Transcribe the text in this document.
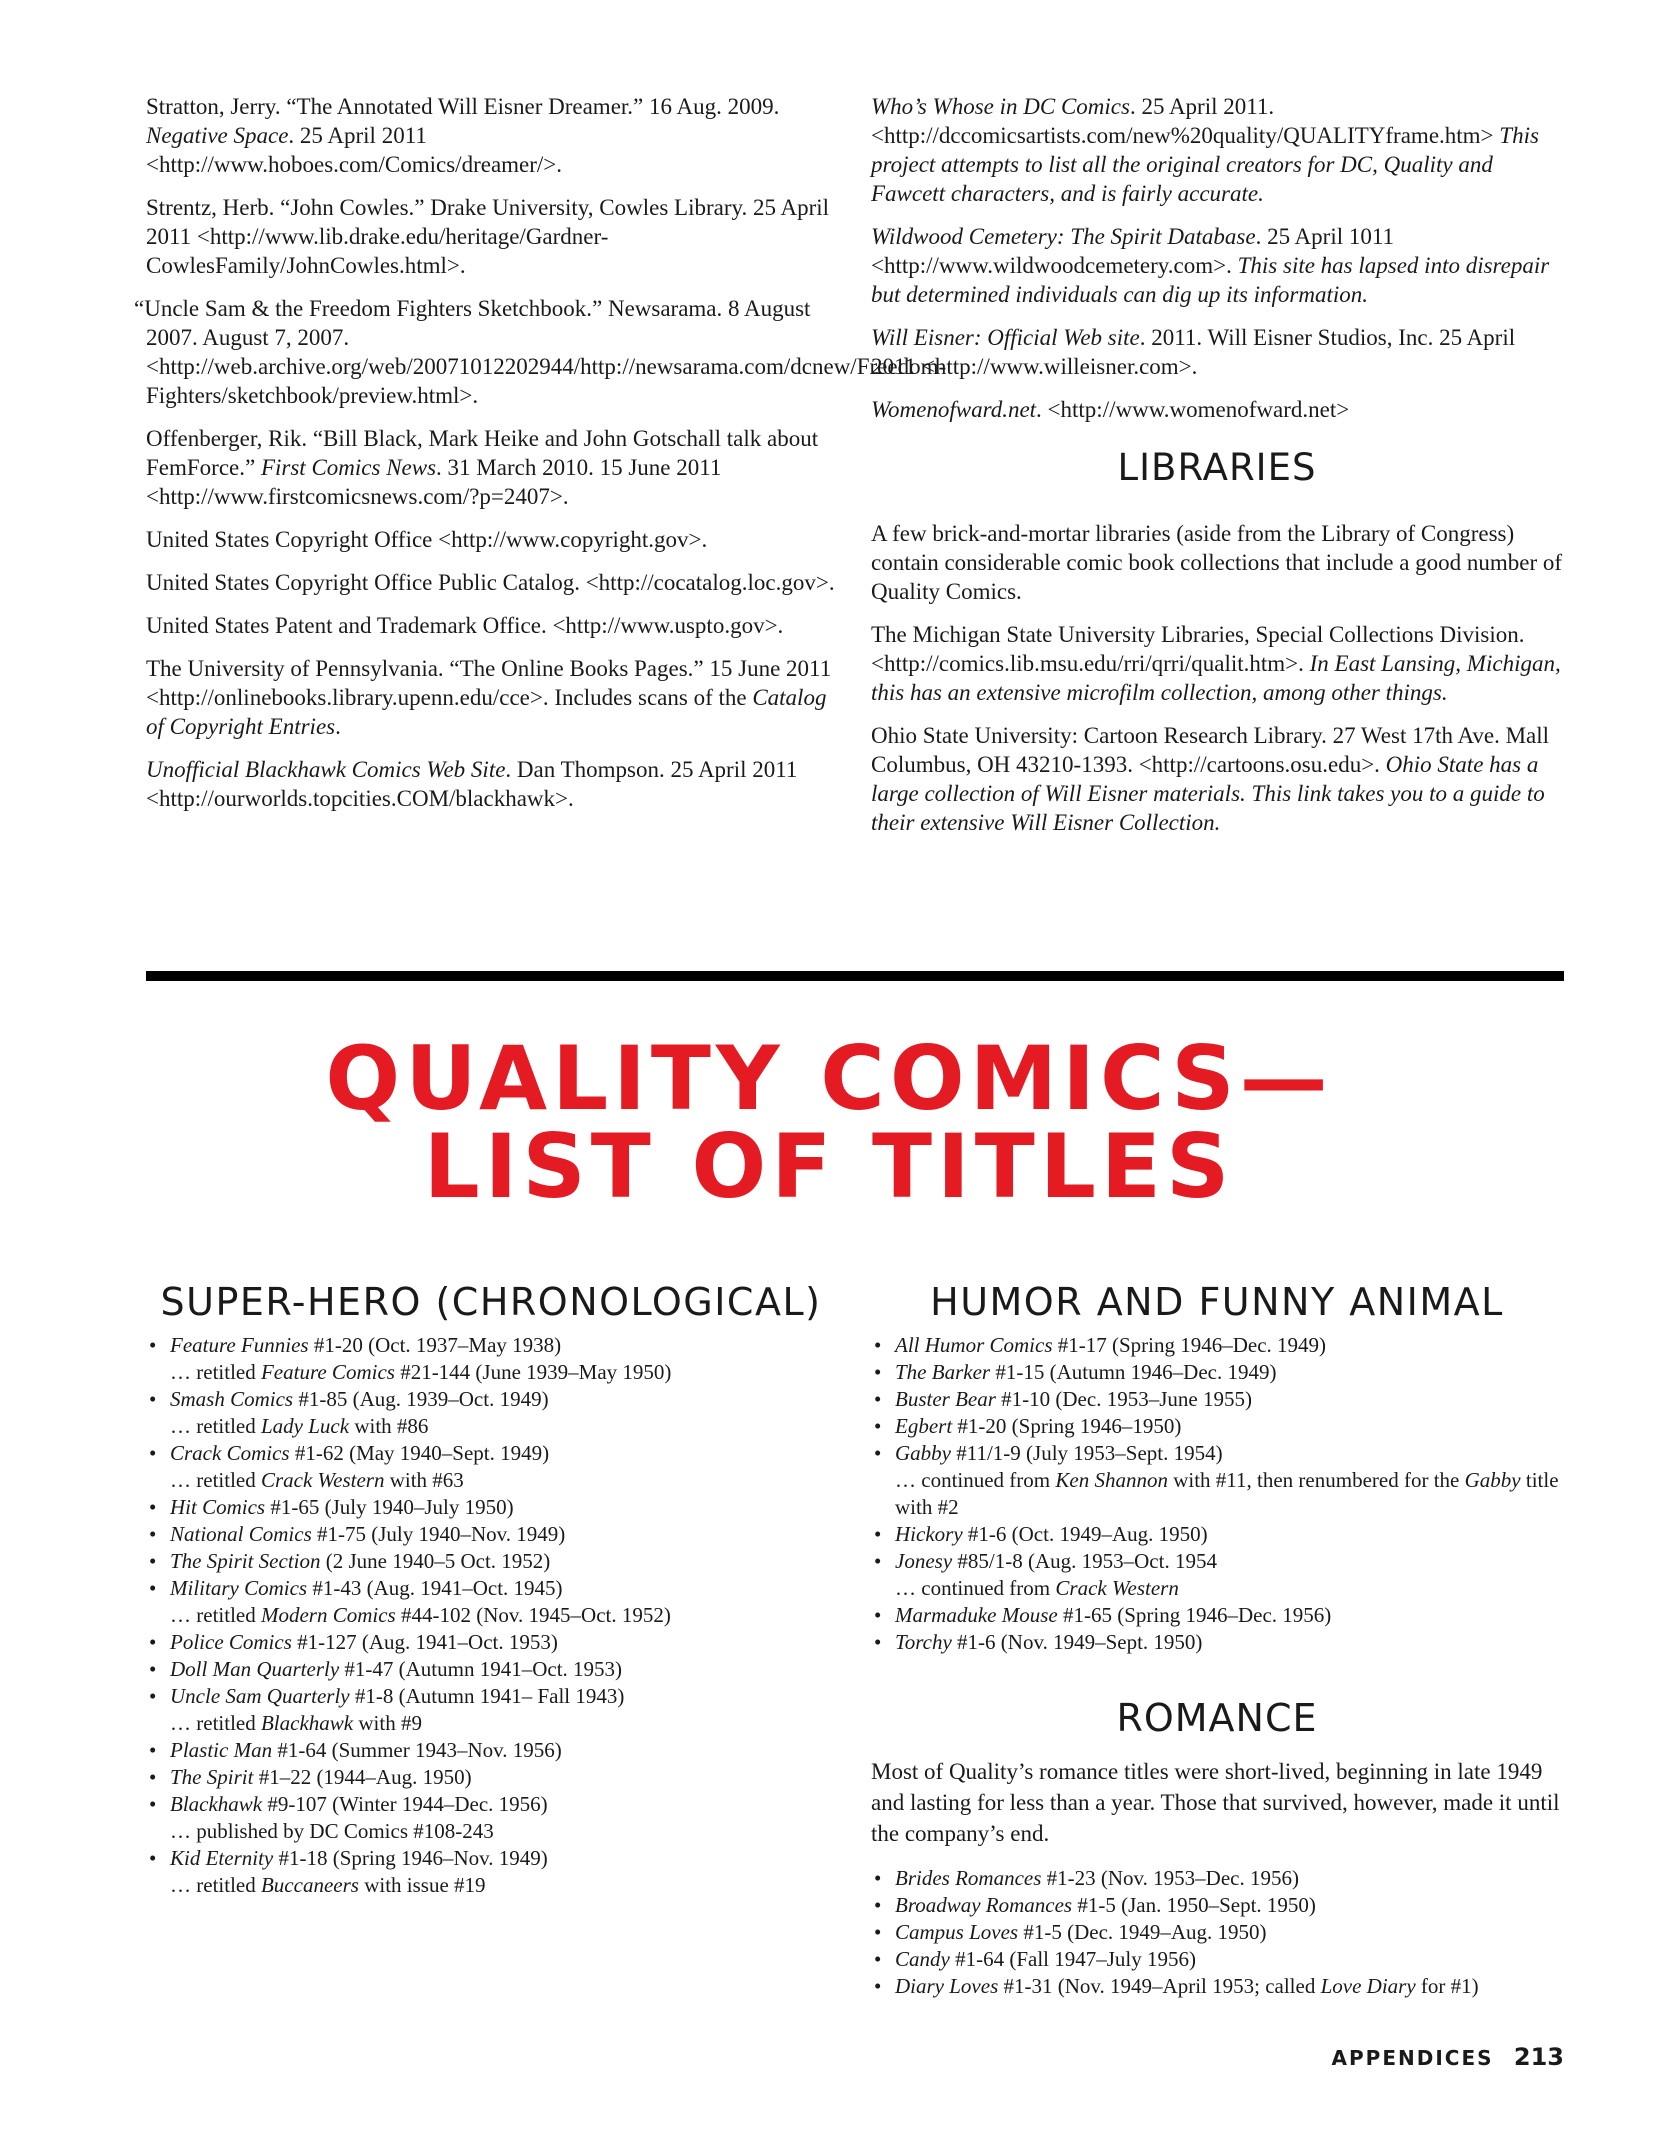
Stratton, Jerry. “The Annotated Will Eisner Dreamer.” 16 Aug. 2009. Negative Space. 25 April 2011 <http://www.hoboes.com/Comics/dreamer/>.

Strentz, Herb. “John Cowles.” Drake University, Cowles Library. 25 April 2011 <http://www.lib.drake.edu/heritage/Gardner-CowlesFamily/JohnCowles.html>.

“Uncle Sam & the Freedom Fighters Sketchbook.” Newsarama. 8 August 2007. August 7, 2007. <http://web.archive.org/web/20071012202944/http://newsarama.com/dcnew/Freedom-Fighters/sketchbook/preview.html>.

Offenberger, Rik. “Bill Black, Mark Heike and John Gotschall talk about FemForce.” First Comics News. 31 March 2010. 15 June 2011 <http://www.firstcomicsnews.com/?p=2407>.

United States Copyright Office <http://www.copyright.gov>.

United States Copyright Office Public Catalog. <http://cocatalog.loc.gov>.

United States Patent and Trademark Office. <http://www.uspto.gov>.

The University of Pennsylvania. “The Online Books Pages.” 15 June 2011 <http://onlinebooks.library.upenn.edu/cce>. Includes scans of the Catalog of Copyright Entries.

Unofficial Blackhawk Comics Web Site. Dan Thompson. 25 April 2011 <http://ourworlds.topcities.COM/blackhawk>.

Who’s Whose in DC Comics. 25 April 2011. <http://dccomicsartists.com/new%20quality/QUALITYframe.htm> This project attempts to list all the original creators for DC, Quality and Fawcett characters, and is fairly accurate.

Wildwood Cemetery: The Spirit Database. 25 April 1011 <http://www.wildwoodcemetery.com>. This site has lapsed into disrepair but determined individuals can dig up its information.

Will Eisner: Official Web site. 2011. Will Eisner Studios, Inc. 25 April 2011 <http://www.willeisner.com>.

Womenofward.net. <http://www.womenofward.net>

LIBRARIES

A few brick-and-mortar libraries (aside from the Library of Congress) contain considerable comic book collections that include a good number of Quality Comics.

The Michigan State University Libraries, Special Collections Division. <http://comics.lib.msu.edu/rri/qrri/qualit.htm>. In East Lansing, Michigan, this has an extensive microfilm collection, among other things.

Ohio State University: Cartoon Research Library. 27 West 17th Ave. Mall Columbus, OH 43210-1393. <http://cartoons.osu.edu>. Ohio State has a large collection of Will Eisner materials. This link takes you to a guide to their extensive Will Eisner Collection.

QUALITY COMICS—
LIST OF TITLES
SUPER-HERO (CHRONOLOGICAL)
• Feature Funnies #1-20 (Oct. 1937–May 1938)
… retitled Feature Comics #21-144 (June 1939–May 1950)
• Smash Comics #1-85 (Aug. 1939–Oct. 1949)
… retitled Lady Luck with #86
• Crack Comics #1-62 (May 1940–Sept. 1949)
… retitled Crack Western with #63
• Hit Comics #1-65 (July 1940–July 1950)
• National Comics #1-75 (July 1940–Nov. 1949)
• The Spirit Section (2 June 1940–5 Oct. 1952)
• Military Comics #1-43 (Aug. 1941–Oct. 1945)
… retitled Modern Comics #44-102 (Nov. 1945–Oct. 1952)
• Police Comics #1-127 (Aug. 1941–Oct. 1953)
• Doll Man Quarterly #1-47 (Autumn 1941–Oct. 1953)
• Uncle Sam Quarterly #1-8 (Autumn 1941– Fall 1943)
… retitled Blackhawk with #9
• Plastic Man #1-64 (Summer 1943–Nov. 1956)
• The Spirit #1–22 (1944–Aug. 1950)
• Blackhawk #9-107 (Winter 1944–Dec. 1956)
… published by DC Comics #108-243
• Kid Eternity #1-18 (Spring 1946–Nov. 1949)
… retitled Buccaneers with issue #19
HUMOR AND FUNNY ANIMAL
• All Humor Comics #1-17 (Spring 1946–Dec. 1949)
• The Barker #1-15 (Autumn 1946–Dec. 1949)
• Buster Bear #1-10 (Dec. 1953–June 1955)
• Egbert #1-20 (Spring 1946–1950)
• Gabby #11/1-9 (July 1953–Sept. 1954)
… continued from Ken Shannon with #11, then renumbered for the Gabby title with #2
• Hickory #1-6 (Oct. 1949–Aug. 1950)
• Jonesy #85/1-8 (Aug. 1953–Oct. 1954
… continued from Crack Western
• Marmaduke Mouse #1-65 (Spring 1946–Dec. 1956)
• Torchy #1-6 (Nov. 1949–Sept. 1950)
ROMANCE

Most of Quality’s romance titles were short-lived, beginning in late 1949 and lasting for less than a year. Those that survived, however, made it until the company’s end.

• Brides Romances #1-23 (Nov. 1953–Dec. 1956)
• Broadway Romances #1-5 (Jan. 1950–Sept. 1950)
• Campus Loves #1-5 (Dec. 1949–Aug. 1950)
• Candy #1-64 (Fall 1947–July 1956)
• Diary Loves #1-31 (Nov. 1949–April 1953; called Love Diary for #1)
APPENDICES 213
